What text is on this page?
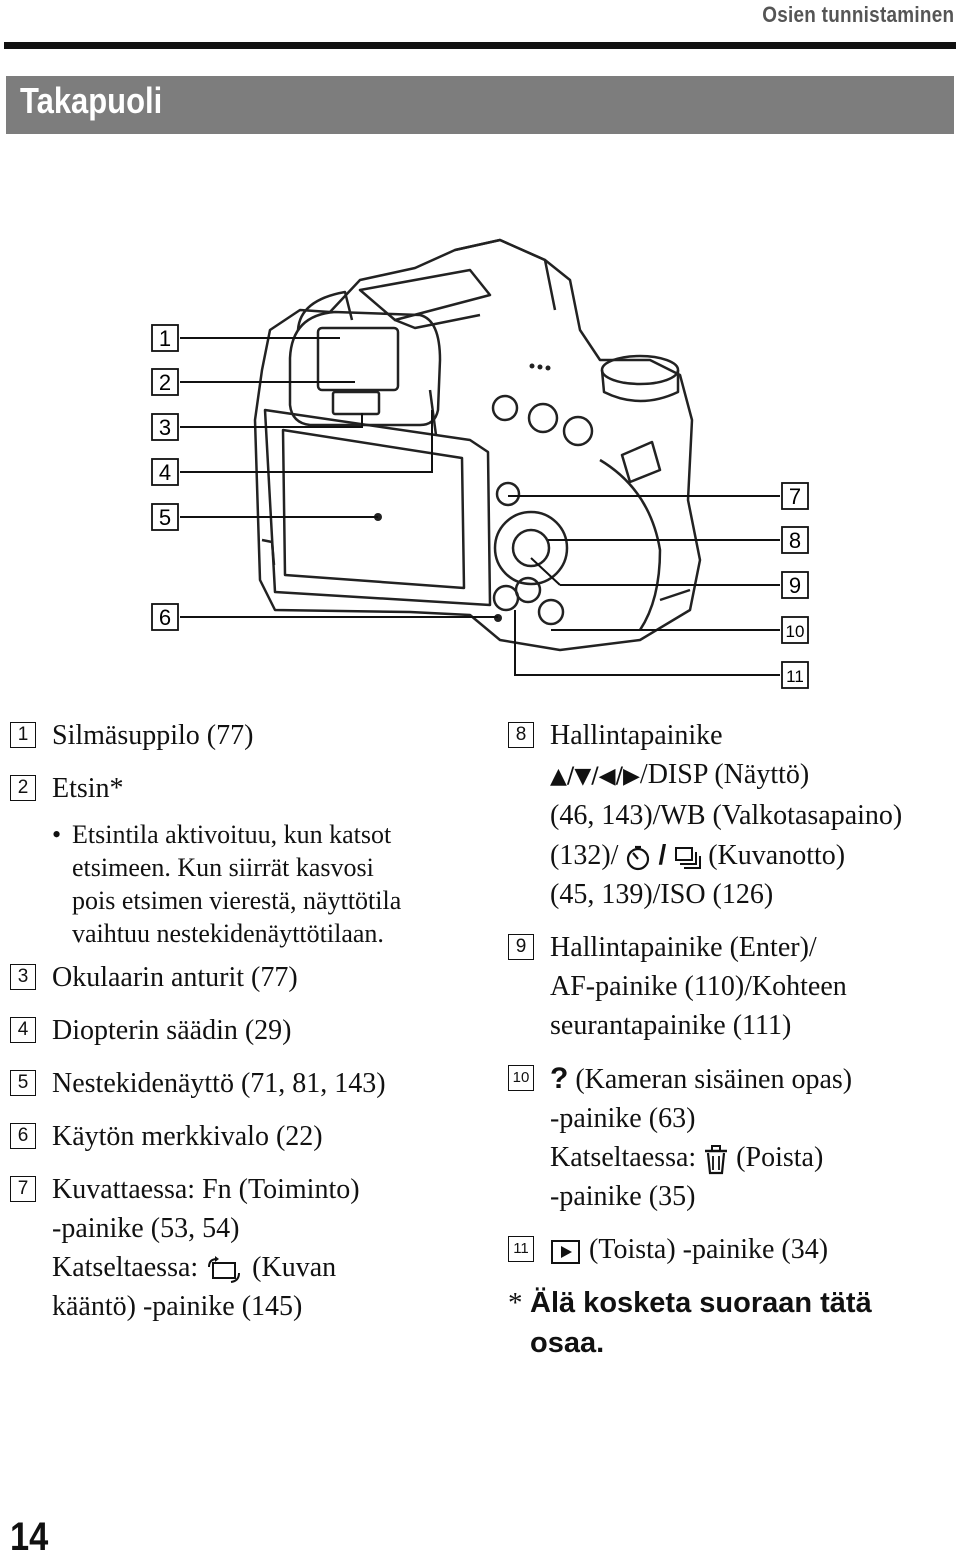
Osien tunnistaminen
Takapuoli
1
2
3
4
5
6
7
8
9
10
11
1 Silmäsuppilo (77)
2 Etsin*
• Etsintila aktivoituu, kun katsot
etsimeen. Kun siirrät kasvosi
pois etsimen vierestä, näyttötila
vaihtuu nestekidenäyttötilaan.
3 Okulaarin anturit (77)
4 Diopterin säädin (29)
5 Nestekidenäyttö (71, 81, 143)
6 Käytön merkkivalo (22)
7 Kuvattaessa: Fn (Toiminto)
-painike (53, 54)
Katseltaessa: (Kuvan
kääntö) -painike (145)
8 Hallintapainike
▲/▼/◀/▶/DISP (Näyttö)
(46, 143)/WB (Valkotasapaino)
(132)/ / (Kuvanotto)
(45, 139)/ISO (126)
9 Hallintapainike (Enter)/
AF-painike (110)/Kohteen
seurantapainike (111)
10 ? (Kameran sisäinen opas)
-painike (63)
Katseltaessa: (Poista)
-painike (35)
11	(Toista) -painike (34)
* Älä kosketa suoraan tätä
osaa.
14
